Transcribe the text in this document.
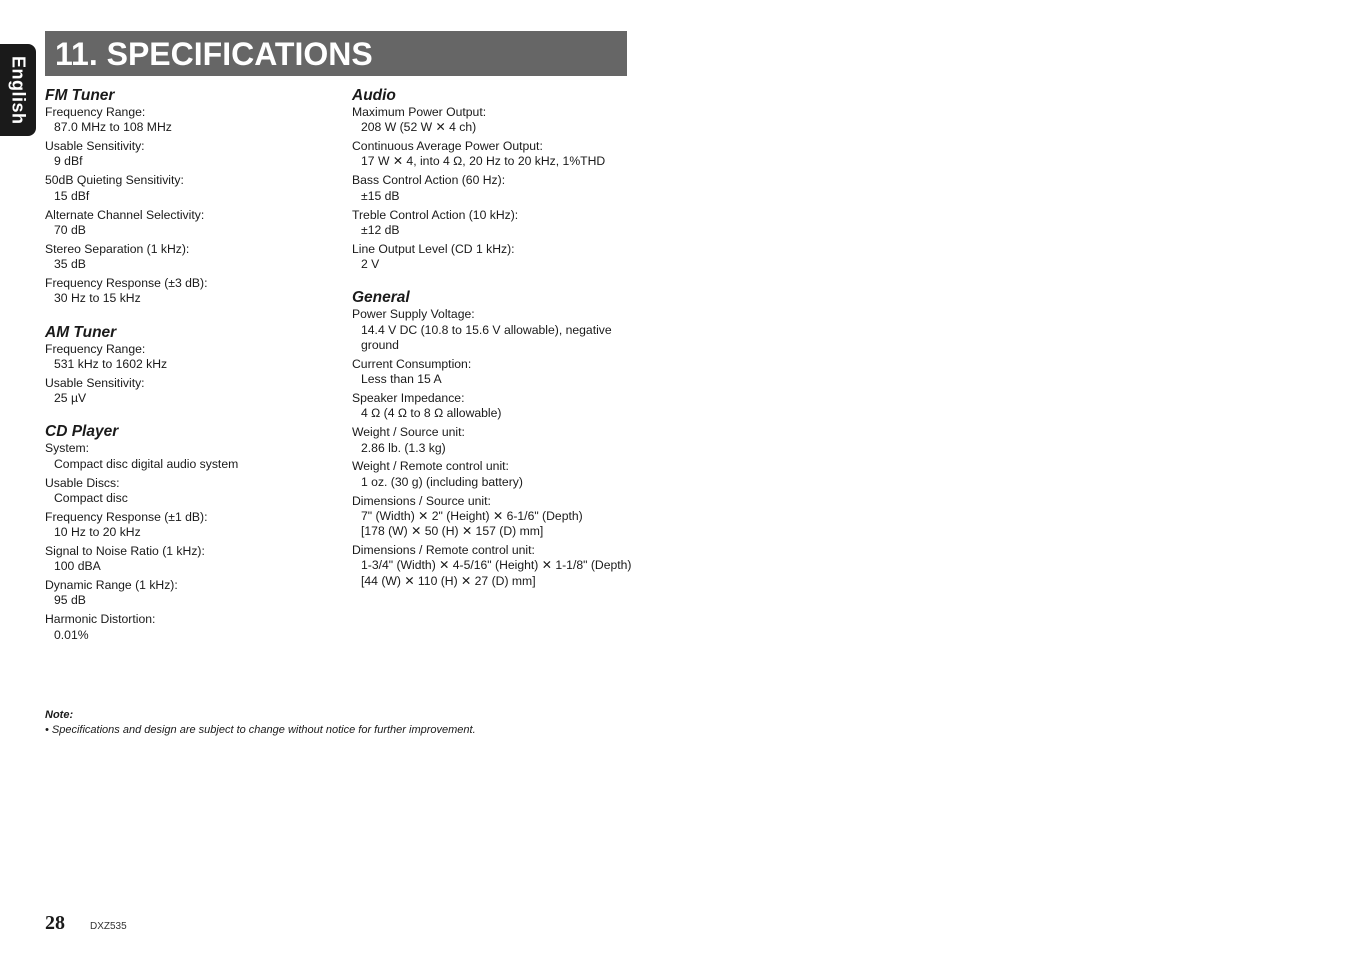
English
11. SPECIFICATIONS
FM Tuner
Frequency Range:
87.0 MHz to 108 MHz
Usable Sensitivity:
9 dBf
50dB Quieting Sensitivity:
15 dBf
Alternate Channel Selectivity:
70 dB
Stereo Separation (1 kHz):
35 dB
Frequency Response (±3 dB):
30 Hz to 15 kHz
AM Tuner
Frequency Range:
531 kHz to 1602 kHz
Usable Sensitivity:
25 µV
CD Player
System:
Compact disc digital audio system
Usable Discs:
Compact disc
Frequency Response (±1 dB):
10 Hz to 20 kHz
Signal to Noise Ratio (1 kHz):
100 dBA
Dynamic Range (1 kHz):
95 dB
Harmonic Distortion:
0.01%
Audio
Maximum Power Output:
208 W (52 W ✕ 4 ch)
Continuous Average Power Output:
17 W ✕ 4, into 4 Ω, 20 Hz to 20 kHz, 1%THD
Bass Control Action (60 Hz):
±15 dB
Treble Control Action (10 kHz):
±12 dB
Line Output Level (CD 1 kHz):
2 V
General
Power Supply Voltage:
14.4 V DC (10.8 to 15.6 V allowable), negative ground
Current Consumption:
Less than 15 A
Speaker Impedance:
4 Ω (4 Ω to 8 Ω allowable)
Weight / Source unit:
2.86 lb. (1.3 kg)
Weight / Remote control unit:
1 oz. (30 g) (including battery)
Dimensions / Source unit:
7" (Width) ✕ 2" (Height) ✕ 6-1/6" (Depth)
[178 (W) ✕ 50 (H) ✕ 157 (D) mm]
Dimensions / Remote control unit:
1-3/4" (Width) ✕ 4-5/16" (Height) ✕ 1-1/8" (Depth)
[44 (W) ✕ 110 (H) ✕ 27 (D) mm]
Note:
• Specifications and design are subject to change without notice for further improvement.
28	DXZ535
